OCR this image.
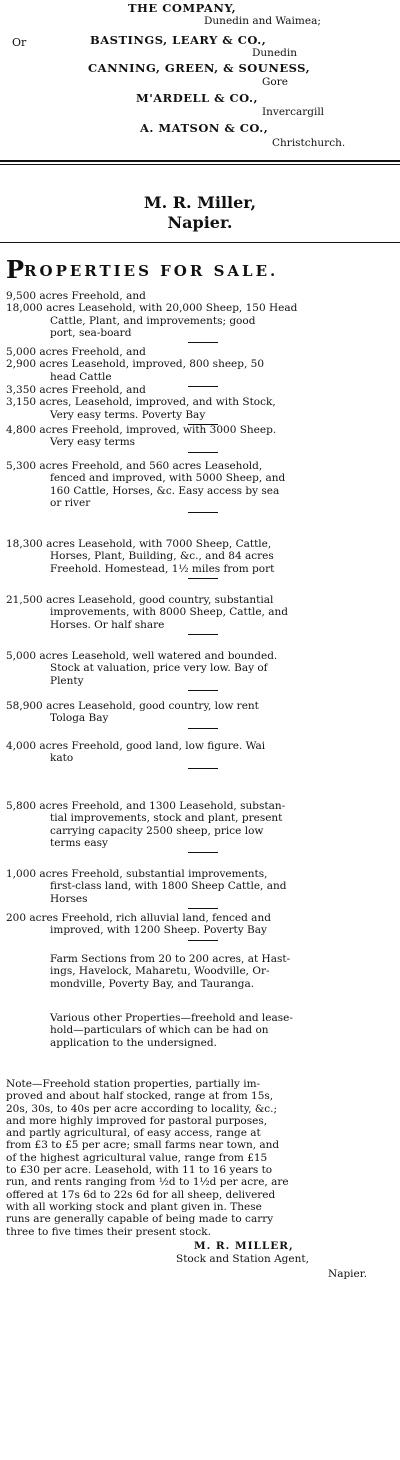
THE COMPANY,
Dunedin and Waimea;
Or	BASTINGS, LEARY & CO.,
Dunedin
CANNING, GREEN, & SOUNESS,
Gore
M'ARDELL & CO.,
Invercargill
A. MATSON & CO.,
Christchurch.
M. R. Miller,
Napier.
PROPERTIES FOR SALE.
Farm Sections from 20 to 200 acres, at Hast-
ings, Havelock, Maharetu, Woodville, Or-
mondville, Poverty Bay, and Tauranga.
Various other Properties—freehold and lease-
hold—particulars of which can be had on
application to the undersigned.
Note—Freehold station properties, partially im-
proved and about half stocked, range at from 15s,
20s, 30s, to 40s per acre according to locality, &c.;
and more highly improved for pastoral purposes,
and partly agricultural, of easy access, range at
from £3 to £5 per acre; small farms near town, and
of the highest agricultural value, range from £15
to £30 per acre. Leasehold, with 11 to 16 years to
run, and rents ranging from ½d to 1½d per acre, are
offered at 17s 6d to 22s 6d for all sheep, delivered
with all working stock and plant given in. These
runs are generally capable of being made to carry
three to five times their present stock.
M. R. MILLER,
Stock and Station Agent,
Napier.
9,500 acres Freehold, and
18,000 acres Leasehold, with 20,000 Sheep, 150 Head
Cattle, Plant, and improvements; good
port, sea-board
5,000 acres Freehold, and
2,900 acres Leasehold, improved, 800 sheep, 50
head Cattle
3,350 acres Freehold, and
3,150 acres, Leasehold, improved, and with Stock,
Very easy terms. Poverty Bay
4,800 acres Freehold, improved, with 3000 Sheep.
Very easy terms
5,300 acres Freehold, and 560 acres Leasehold,
fenced and improved, with 5000 Sheep, and
160 Cattle, Horses, &c. Easy access by sea
or river
18,300 acres Leasehold, with 7000 Sheep, Cattle,
Horses, Plant, Building, &c., and 84 acres
Freehold. Homestead, 1½ miles from port
21,500 acres Leasehold, good country, substantial
improvements, with 8000 Sheep, Cattle, and
Horses. Or half share
5,000 acres Leasehold, well watered and bounded.
Stock at valuation, price very low. Bay of
Plenty
58,900 acres Leasehold, good country, low rent
Tologa Bay
4,000 acres Freehold, good land, low figure. Wai
kato
5,800 acres Freehold, and 1300 Leasehold, substan-
tial improvements, stock and plant, present
carrying capacity 2500 sheep, price low
terms easy
1,000 acres Freehold, substantial improvements,
first-class land, with 1800 Sheep Cattle, and
Horses
200 acres Freehold, rich alluvial land, fenced and
improved, with 1200 Sheep. Poverty Bay
